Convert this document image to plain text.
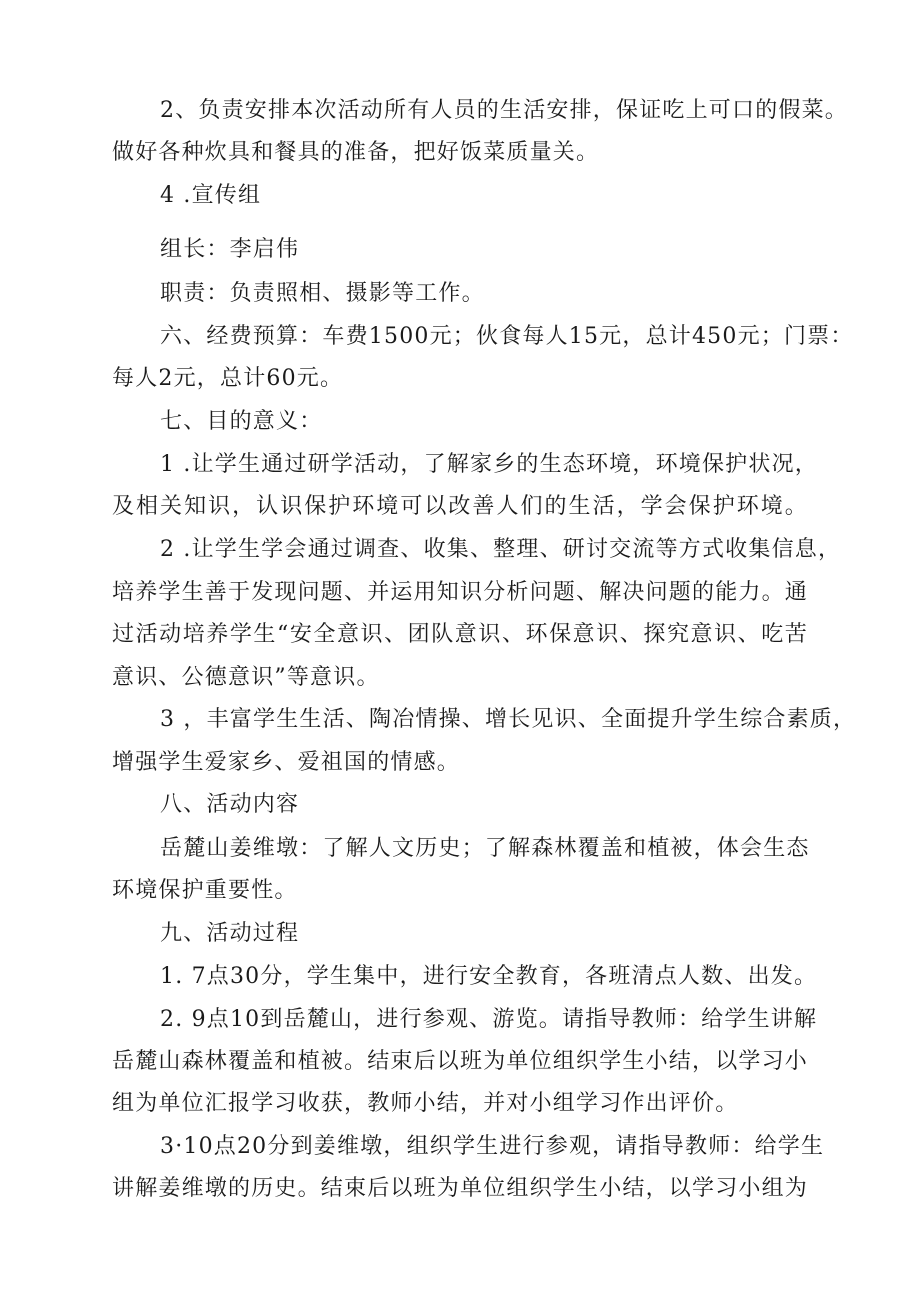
2、负责安排本次活动所有人员的生活安排，保证吃上可口的假菜。
做好各种炊具和餐具的准备，把好饭菜质量关。
4 .宣传组
组长：李启伟
职责：负责照相、摄影等工作。
六、经费预算：车费1500元；伙食每人15元，总计450元；门票：
每人2元，总计60元。
七、目的意义：
1 .让学生通过研学活动，了解家乡的生态环境，环境保护状况，
及相关知识，认识保护环境可以改善人们的生活，学会保护环境。
2 .让学生学会通过调查、收集、整理、研讨交流等方式收集信息，
培养学生善于发现问题、并运用知识分析问题、解决问题的能力。通
过活动培养学生“安全意识、团队意识、环保意识、探究意识、吃苦
意识、公德意识”等意识。
3 ，丰富学生生活、陶冶情操、增长见识、全面提升学生综合素质，
增强学生爱家乡、爱祖国的情感。
八、活动内容
岳麓山姜维墩：了解人文历史；了解森林覆盖和植被，体会生态
环境保护重要性。
九、活动过程
1. 7点30分，学生集中，进行安全教育，各班清点人数、出发。
2. 9点10到岳麓山，进行参观、游览。请指导教师：给学生讲解
岳麓山森林覆盖和植被。结束后以班为单位组织学生小结，以学习小
组为单位汇报学习收获，教师小结，并对小组学习作出评价。
3·10点20分到姜维墩，组织学生进行参观，请指导教师：给学生
讲解姜维墩的历史。结束后以班为单位组织学生小结，以学习小组为
